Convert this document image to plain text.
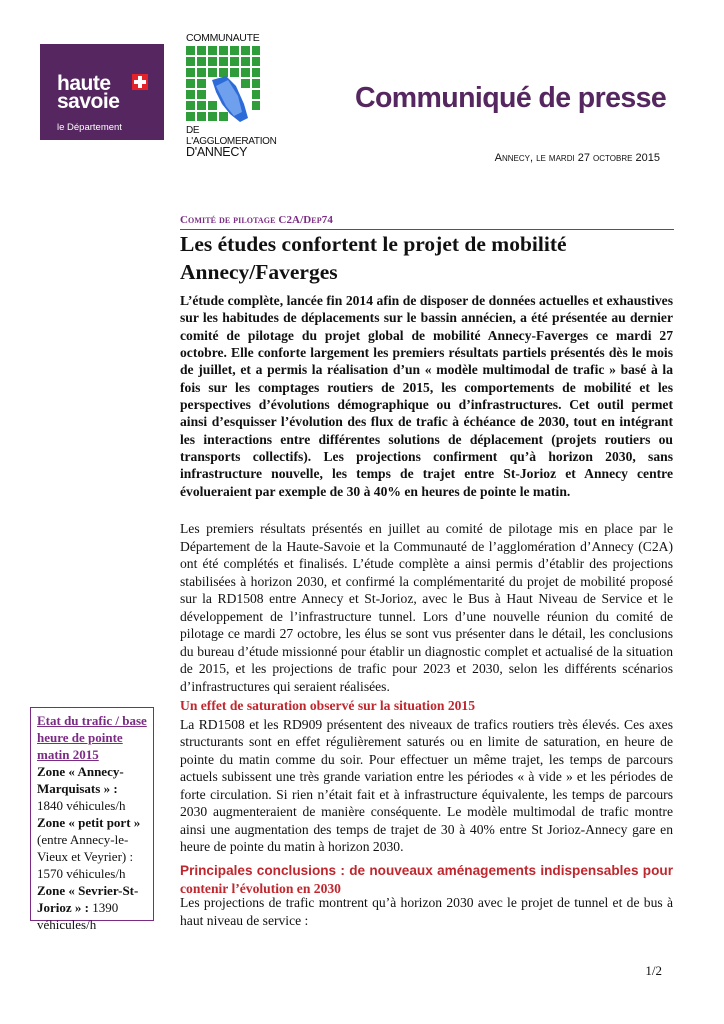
haute
savoie
le Département
COMMUNAUTE
DE
L'AGGLOMERATION
D'ANNECY
Communiqué de presse
Annecy, le mardi 27 octobre 2015
Comité de pilotage C2A/Dep74
Les études confortent le projet de mobilité Annecy/Faverges

L’étude complète, lancée fin 2014 afin de disposer de données actuelles et exhaustives sur les habitudes de déplacements sur le bassin annécien, a été présentée au dernier comité de pilotage du projet global de mobilité Annecy-Faverges ce mardi 27 octobre. Elle conforte largement les premiers résultats partiels présentés dès le mois de juillet, et a permis la réalisation d’un « modèle multimodal de trafic » basé à la fois sur les comptages routiers de 2015, les comportements de mobilité et les perspectives d’évolutions démographique ou d’infrastructures. Cet outil permet ainsi d’esquisser l’évolution des flux de trafic à échéance de 2030, tout en intégrant les interactions entre différentes solutions de déplacement (projets routiers ou transports collectifs). Les projections confirment qu’à horizon 2030, sans infrastructure nouvelle, les temps de trajet entre St-Jorioz et Annecy centre évolueraient par exemple de 30 à 40% en heures de pointe le matin.

Les premiers résultats présentés en juillet au comité de pilotage mis en place par le Département de la Haute-Savoie et la Communauté de l’agglomération d’Annecy (C2A) ont été complétés et finalisés. L’étude complète a ainsi permis d’établir des projections stabilisées à horizon 2030, et confirmé la complémentarité du projet de mobilité proposé sur la RD1508 entre Annecy et St-Jorioz, avec le Bus à Haut Niveau de Service et le développement de l’infrastructure tunnel. Lors d’une nouvelle réunion du comité de pilotage ce mardi 27 octobre, les élus se sont vus présenter dans le détail, les conclusions du bureau d’étude missionné pour établir un diagnostic complet et actualisé de la situation de 2015, et les projections de trafic pour 2023 et 2030, selon les différents scénarios d’infrastructures qui seraient réalisées.

Un effet de saturation observé sur la situation 2015

La RD1508 et les RD909 présentent des niveaux de trafics routiers très élevés. Ces axes structurants sont en effet régulièrement saturés ou en limite de saturation, en heure de pointe du matin comme du soir. Pour effectuer un même trajet, les temps de parcours actuels subissent une très grande variation entre les périodes « à vide » et les périodes de forte circulation. Si rien n’était fait et à infrastructure équivalente, les temps de parcours 2030 augmenteraient de manière conséquente. Le modèle multimodal de trafic montre ainsi une augmentation des temps de trajet de 30 à 40% entre St Jorioz-Annecy gare en heure de pointe du matin à horizon 2030.

Principales conclusions : de nouveaux aménagements indispensables pour contenir l’évolution en 2030

Les projections de trafic montrent qu’à horizon 2030 avec le projet de tunnel et de bus à haut niveau de service :

Etat du trafic / base
heure de pointe
matin 2015
Zone « Annecy-Marquisats » :
1840 véhicules/h
Zone « petit port »
(entre Annecy-le-Vieux et Veyrier) :
1570 véhicules/h
Zone « Sevrier-St-Jorioz » : 1390 véhicules/h
1/2
